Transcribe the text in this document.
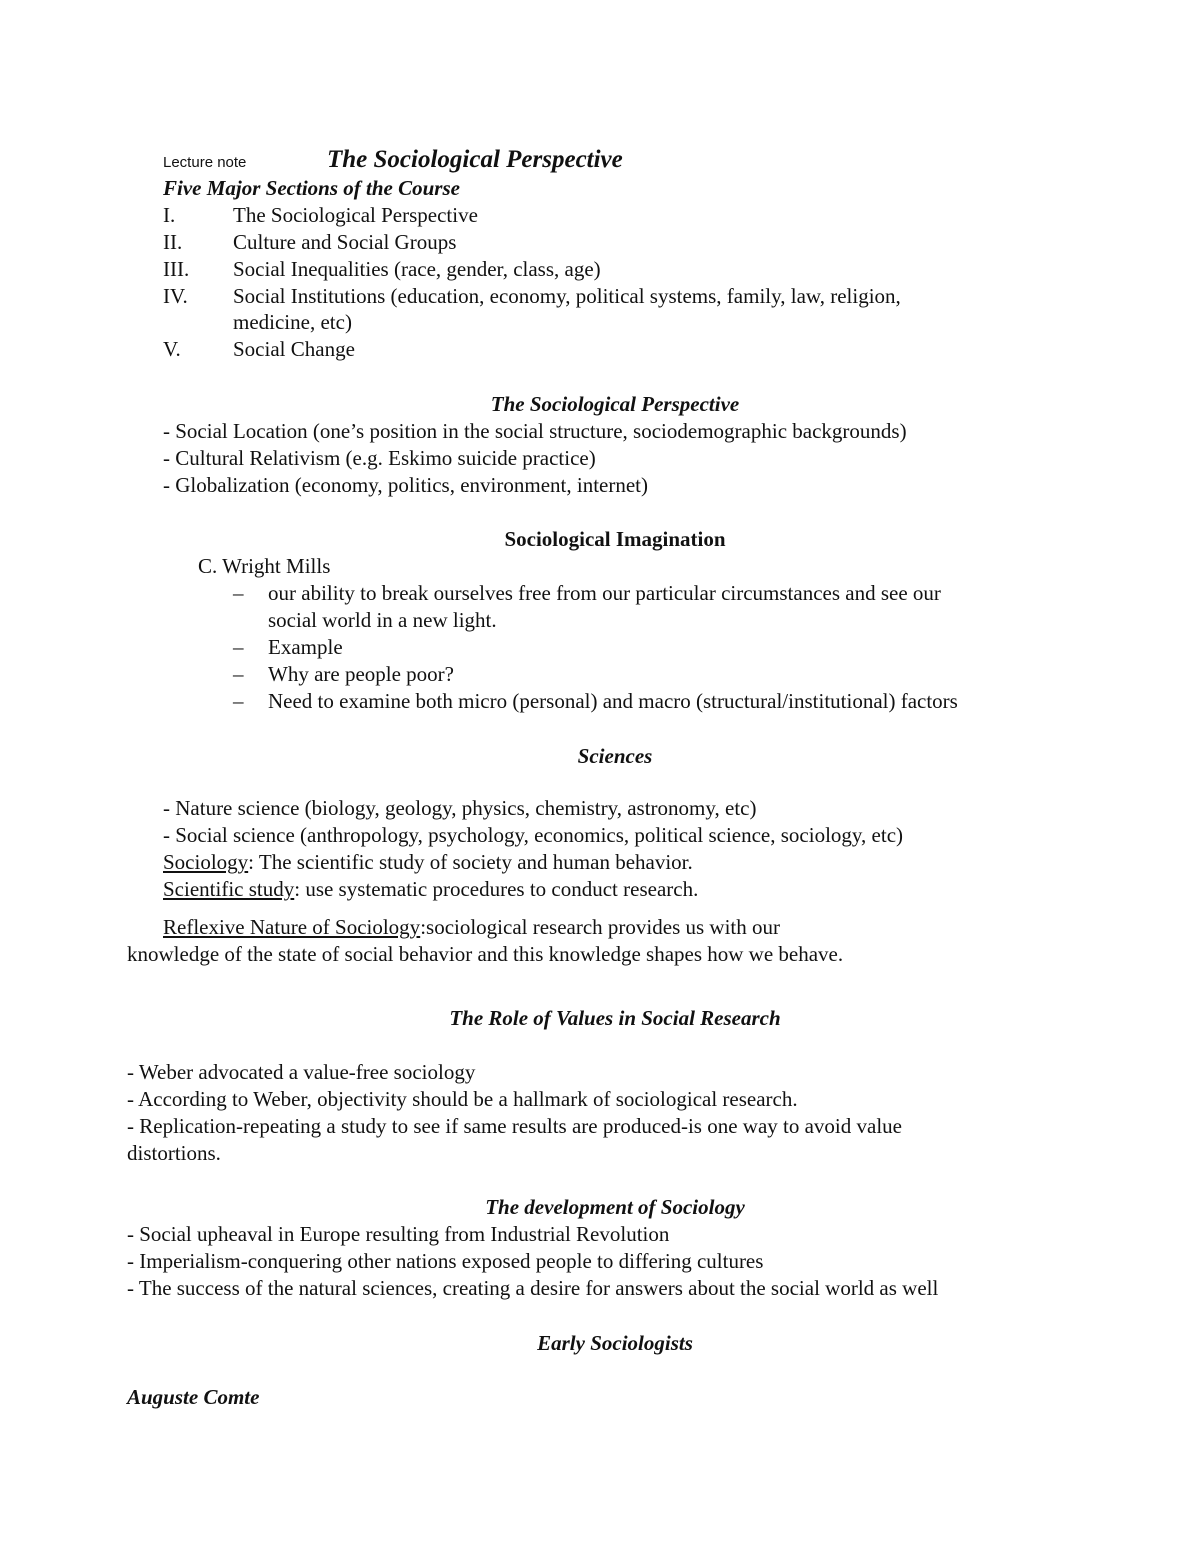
Lecture note	The Sociological Perspective
Five Major Sections of the Course
I.	The Sociological Perspective
II. Culture and Social Groups
III. Social Inequalities (race, gender, class, age)
IV. Social Institutions (education, economy, political systems, family, law, religion,
medicine, etc)
V. Social Change
The Sociological Perspective
- Social Location (one’s position in the social structure, sociodemographic backgrounds)
- Cultural Relativism (e.g. Eskimo suicide practice)
- Globalization (economy, politics, environment, internet)
Sociological Imagination
C. Wright Mills
– our ability to break ourselves free from our particular circumstances and see our
social world in a new light.
– Example
– Why are people poor?
– Need to examine both micro (personal) and macro (structural/institutional) factors
Sciences
- Nature science (biology, geology, physics, chemistry, astronomy, etc)
- Social science (anthropology, psychology, economics, political science, sociology, etc)
Sociology: The scientific study of society and human behavior.
Scientific study: use systematic procedures to conduct research.
Reflexive Nature of Sociology:sociological research provides us with our
knowledge of the state of social behavior and this knowledge shapes how we behave.
The Role of Values in Social Research
- Weber advocated a value-free sociology
- According to Weber, objectivity should be a hallmark of sociological research.
- Replication-repeating a study to see if same results are produced-is one way to avoid value
distortions.
The development of Sociology
- Social upheaval in Europe resulting from Industrial Revolution
- Imperialism-conquering other nations exposed people to differing cultures
- The success of the natural sciences, creating a desire for answers about the social world as well
Early Sociologists
Auguste Comte
